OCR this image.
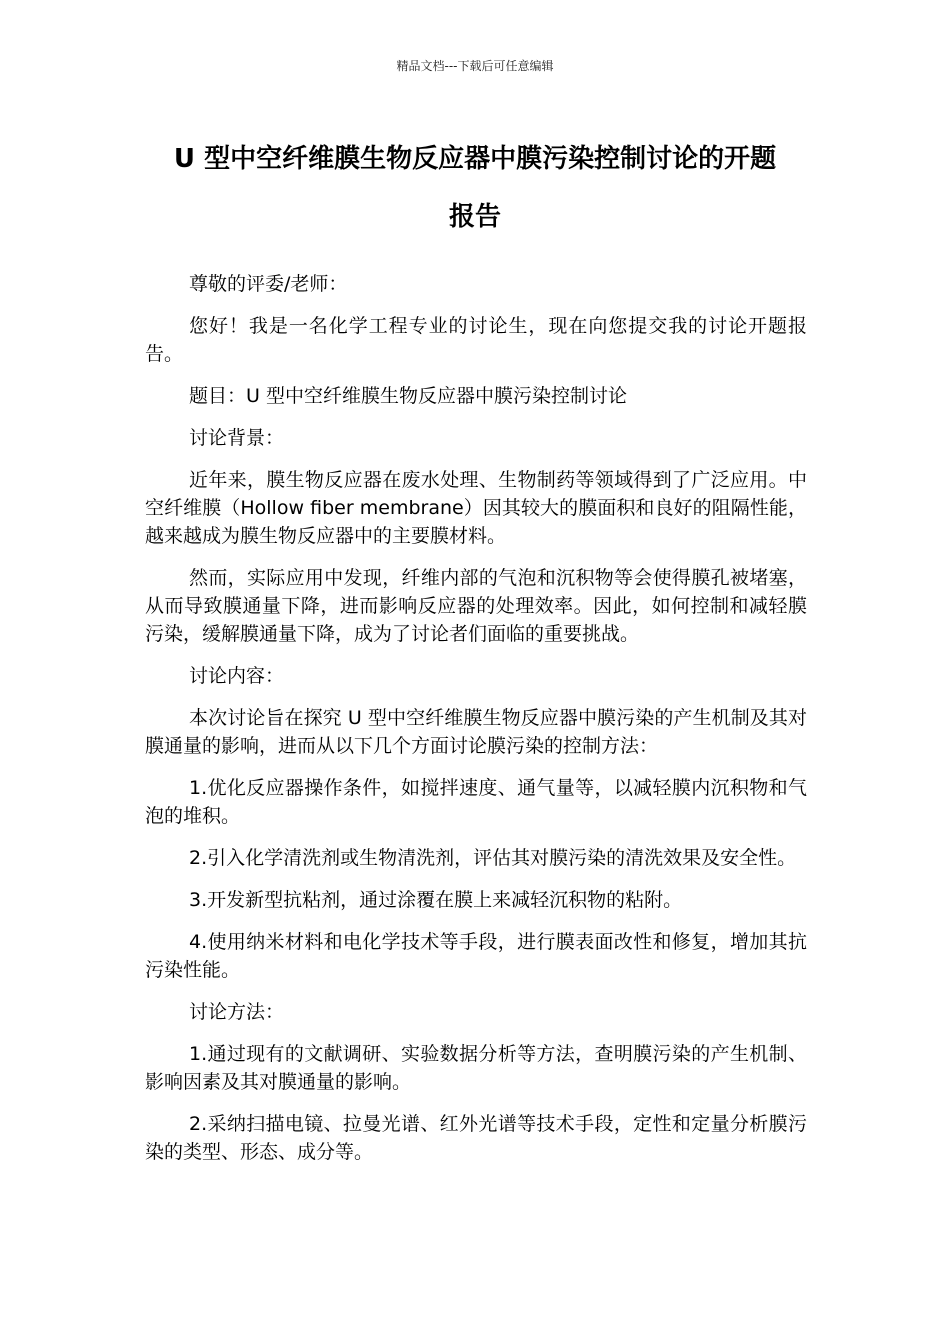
精品文档---下载后可任意编辑
U 型中空纤维膜生物反应器中膜污染控制讨论的开题
报告

尊敬的评委/老师：

您好！我是一名化学工程专业的讨论生，现在向您提交我的讨论开题报告。

题目：U 型中空纤维膜生物反应器中膜污染控制讨论

讨论背景：

近年来，膜生物反应器在废水处理、生物制药等领域得到了广泛应用。中空纤维膜（Hollow fiber membrane）因其较大的膜面积和良好的阻隔性能，越来越成为膜生物反应器中的主要膜材料。

然而，实际应用中发现，纤维内部的气泡和沉积物等会使得膜孔被堵塞，从而导致膜通量下降，进而影响反应器的处理效率。因此，如何控制和减轻膜污染，缓解膜通量下降，成为了讨论者们面临的重要挑战。

讨论内容：

本次讨论旨在探究 U 型中空纤维膜生物反应器中膜污染的产生机制及其对膜通量的影响，进而从以下几个方面讨论膜污染的控制方法：

1.优化反应器操作条件，如搅拌速度、通气量等，以减轻膜内沉积物和气泡的堆积。

2.引入化学清洗剂或生物清洗剂，评估其对膜污染的清洗效果及安全性。

3.开发新型抗粘剂，通过涂覆在膜上来减轻沉积物的粘附。

4.使用纳米材料和电化学技术等手段，进行膜表面改性和修复，增加其抗污染性能。

讨论方法：

1.通过现有的文献调研、实验数据分析等方法，查明膜污染的产生机制、影响因素及其对膜通量的影响。

2.采纳扫描电镜、拉曼光谱、红外光谱等技术手段，定性和定量分析膜污染的类型、形态、成分等。
